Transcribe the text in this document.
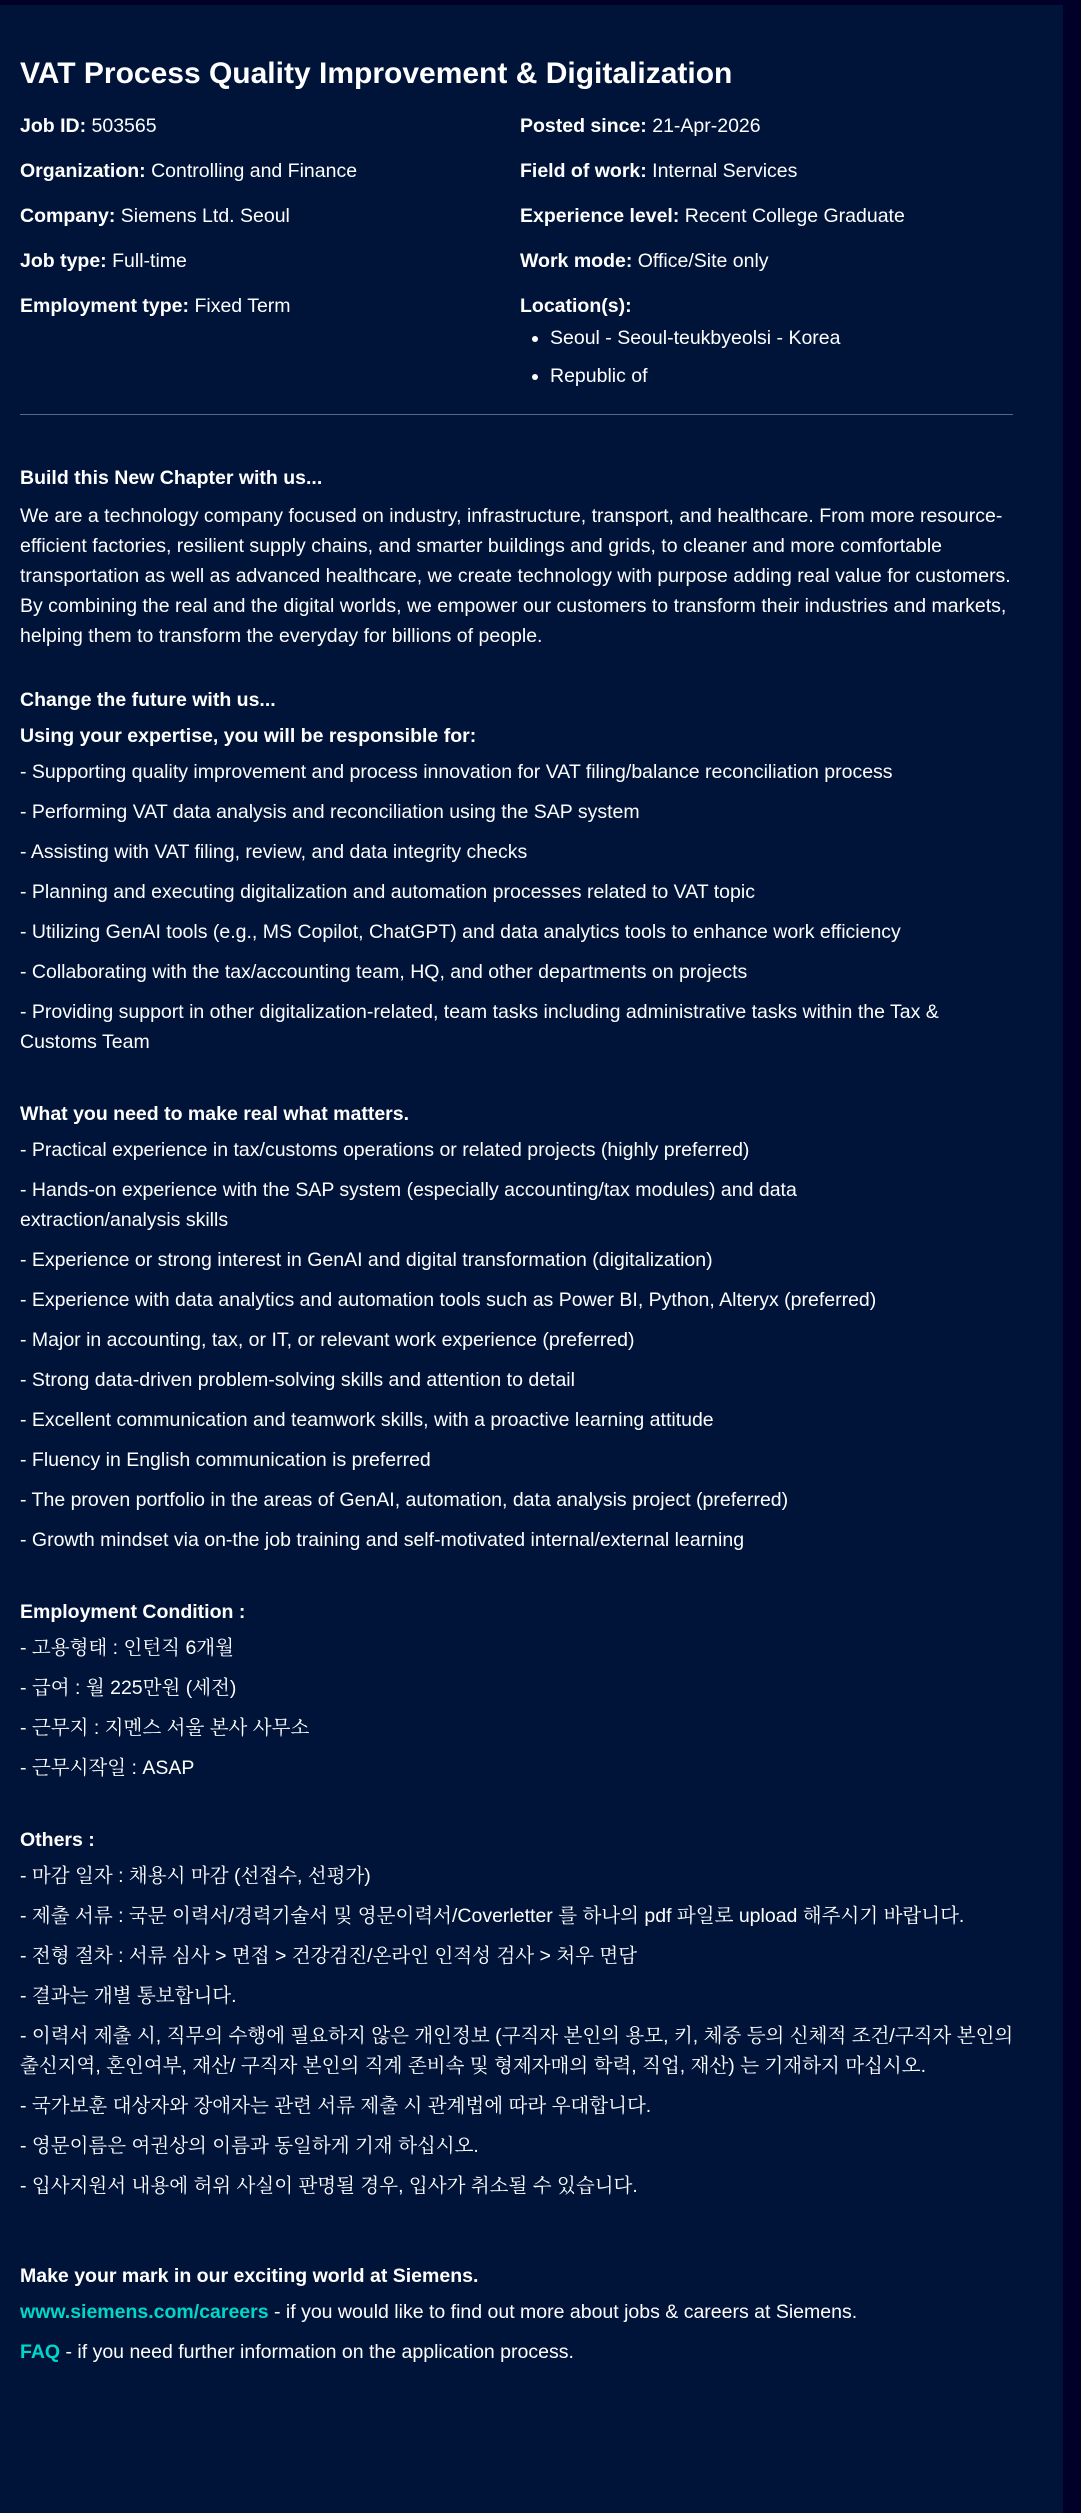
VAT Process Quality Improvement & Digitalization
Job ID: 503565
Organization: Controlling and Finance
Company: Siemens Ltd. Seoul
Job type: Full-time
Employment type: Fixed Term
Posted since: 21-Apr-2026
Field of work: Internal Services
Experience level: Recent College Graduate
Work mode: Office/Site only
Location(s):
• Seoul - Seoul-teukbyeolsi - Korea
• Republic of
Build this New Chapter with us...

We are a technology company focused on industry, infrastructure, transport, and healthcare. From more resource-efficient factories, resilient supply chains, and smarter buildings and grids, to cleaner and more comfortable transportation as well as advanced healthcare, we create technology with purpose adding real value for customers. By combining the real and the digital worlds, we empower our customers to transform their industries and markets, helping them to transform the everyday for billions of people.

Change the future with us...
Using your expertise, you will be responsible for:

- Supporting quality improvement and process innovation for VAT filing/balance reconciliation process

- Performing VAT data analysis and reconciliation using the SAP system

- Assisting with VAT filing, review, and data integrity checks

- Planning and executing digitalization and automation processes related to VAT topic

- Utilizing GenAI tools (e.g., MS Copilot, ChatGPT) and data analytics tools to enhance work efficiency

- Collaborating with the tax/accounting team, HQ, and other departments on projects

- Providing support in other digitalization-related, team tasks including administrative tasks within the Tax & Customs Team

What you need to make real what matters.

- Practical experience in tax/customs operations or related projects (highly preferred)

- Hands-on experience with the SAP system (especially accounting/tax modules) and data extraction/analysis skills

- Experience or strong interest in GenAI and digital transformation (digitalization)

- Experience with data analytics and automation tools such as Power BI, Python, Alteryx (preferred)

- Major in accounting, tax, or IT, or relevant work experience (preferred)

- Strong data-driven problem-solving skills and attention to detail

- Excellent communication and teamwork skills, with a proactive learning attitude

- Fluency in English communication is preferred

- The proven portfolio in the areas of GenAI, automation, data analysis project (preferred)

- Growth mindset via on-the job training and self-motivated internal/external learning

Employment Condition :

- 고용형태 : 인턴직 6개월

- 급여 : 월 225만원 (세전)

- 근무지 : 지멘스 서울 본사 사무소

- 근무시작일 : ASAP

Others :

- 마감 일자 : 채용시 마감 (선접수, 선평가)

- 제출 서류 : 국문 이력서/경력기술서 및 영문이력서/Coverletter 를 하나의 pdf 파일로 upload 해주시기 바랍니다.

- 전형 절차 : 서류 심사 > 면접 > 건강검진/온라인 인적성 검사 > 처우 면담

- 결과는 개별 통보합니다.

- 이력서 제출 시, 직무의 수행에 필요하지 않은 개인정보 (구직자 본인의 용모, 키, 체중 등의 신체적 조건/구직자 본인의 출신지역, 혼인여부, 재산/ 구직자 본인의 직계 존비속 및 형제자매의 학력, 직업, 재산) 는 기재하지 마십시오.

- 국가보훈 대상자와 장애자는 관련 서류 제출 시 관계법에 따라 우대합니다.

- 영문이름은 여권상의 이름과 동일하게 기재 하십시오.

- 입사지원서 내용에 허위 사실이 판명될 경우, 입사가 취소될 수 있습니다.

Make your mark in our exciting world at Siemens.

www.siemens.com/careers - if you would like to find out more about jobs & careers at Siemens.

FAQ - if you need further information on the application process.
